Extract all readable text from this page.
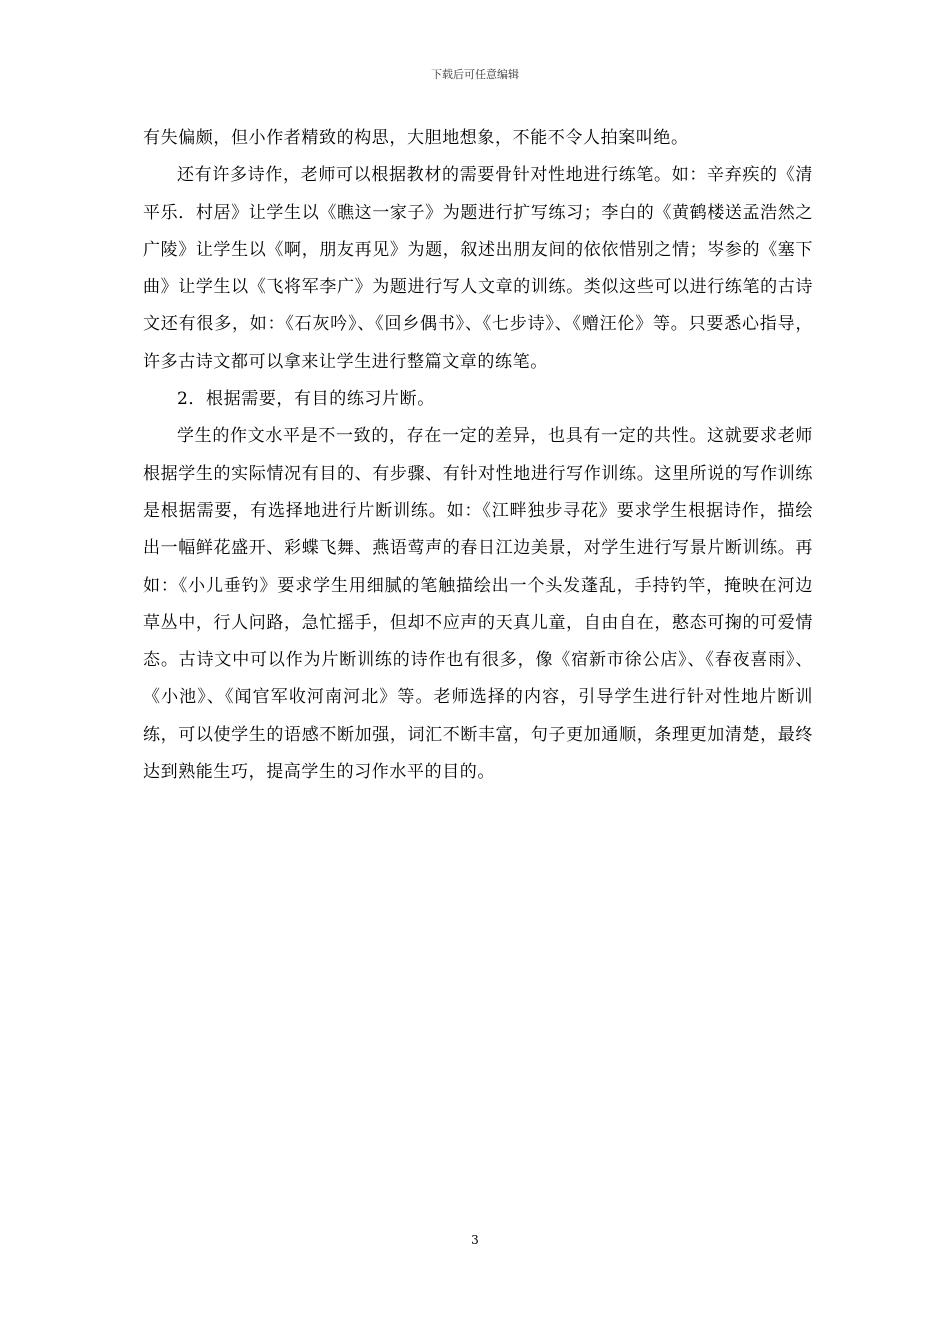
下载后可任意编辑

有失偏颇，但小作者精致的构思，大胆地想象，不能不令人拍案叫绝。

还有许多诗作，老师可以根据教材的需要骨针对性地进行练笔。如：辛弃疾的《清平乐．村居》让学生以《瞧这一家子》为题进行扩写练习；李白的《黄鹤楼送孟浩然之广陵》让学生以《啊，朋友再见》为题，叙述出朋友间的依依惜别之情；岑参的《塞下曲》让学生以《飞将军李广》为题进行写人文章的训练。类似这些可以进行练笔的古诗文还有很多，如：《石灰吟》、《回乡偶书》、《七步诗》、《赠汪伦》等。只要悉心指导，许多古诗文都可以拿来让学生进行整篇文章的练笔。

2．根据需要，有目的练习片断。

学生的作文水平是不一致的，存在一定的差异，也具有一定的共性。这就要求老师根据学生的实际情况有目的、有步骤、有针对性地进行写作训练。这里所说的写作训练是根据需要，有选择地进行片断训练。如：《江畔独步寻花》要求学生根据诗作，描绘出一幅鲜花盛开、彩蝶飞舞、燕语莺声的春日江边美景，对学生进行写景片断训练。再如：《小儿垂钓》要求学生用细腻的笔触描绘出一个头发蓬乱，手持钓竿，掩映在河边草丛中，行人问路，急忙摇手，但却不应声的天真儿童，自由自在，憨态可掬的可爱情态。古诗文中可以作为片断训练的诗作也有很多，像《宿新市徐公店》、《春夜喜雨》、《小池》、《闻官军收河南河北》等。老师选择的内容，引导学生进行针对性地片断训练，可以使学生的语感不断加强，词汇不断丰富，句子更加通顺，条理更加清楚，最终达到熟能生巧，提高学生的习作水平的目的。

3
